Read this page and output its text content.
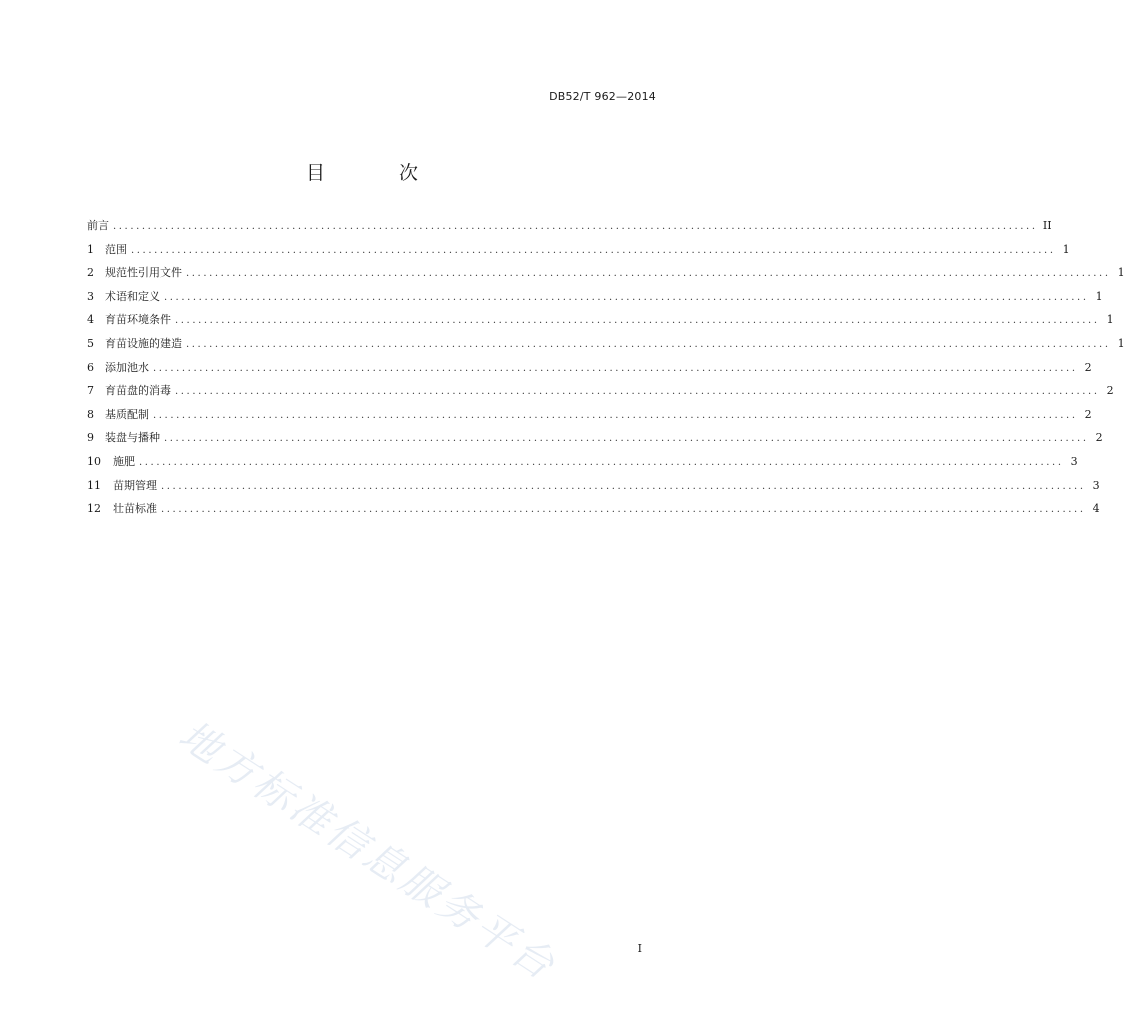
DB52/T 962—2014
目 次
前言 ................................................................................................................................................................ II
1 范围 ................................................................................................................................................................ 1
2 规范性引用文件 ................................................................................................................................................................ 1
3 术语和定义 ................................................................................................................................................................ 1
4 育苗环境条件 ................................................................................................................................................................ 1
5 育苗设施的建造 ................................................................................................................................................................ 1
6 添加池水 ................................................................................................................................................................ 2
7 育苗盘的消毒 ................................................................................................................................................................ 2
8 基质配制 ................................................................................................................................................................ 2
9 装盘与播种 ................................................................................................................................................................ 2
10 施肥 ................................................................................................................................................................ 3
11 苗期管理 ................................................................................................................................................................ 3
12 壮苗标准 ................................................................................................................................................................ 4
地方标准信息服务平台	I
